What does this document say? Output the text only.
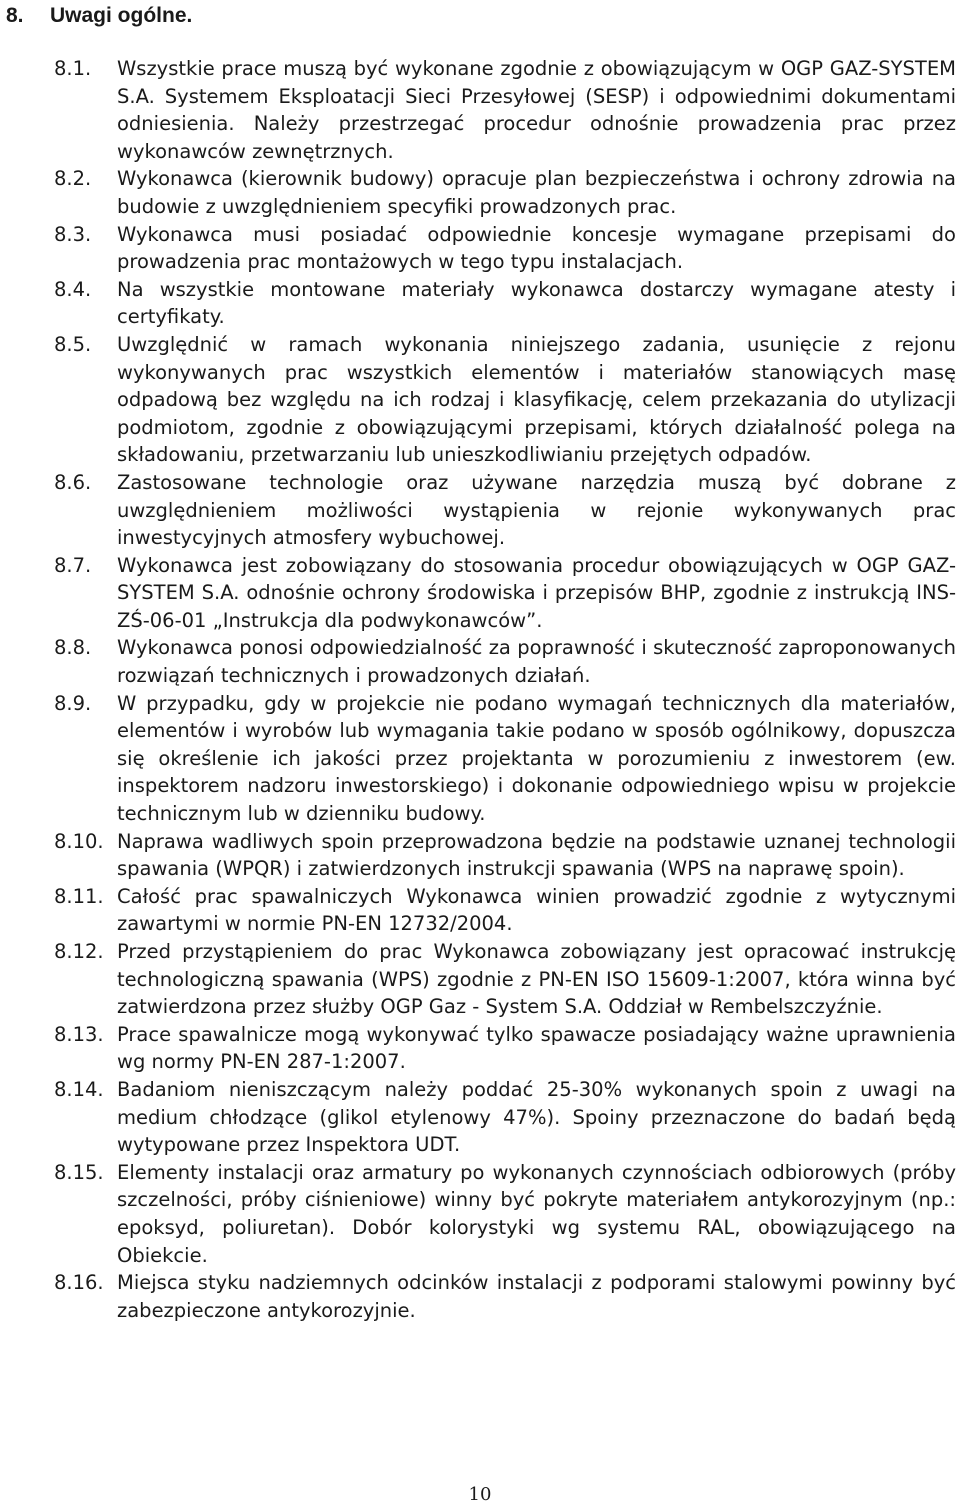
8. Uwagi ogólne.
8.1.	Wszystkie prace muszą być wykonane zgodnie z obowiązującym w OGP GAZ-SYSTEM S.A. Systemem Eksploatacji Sieci Przesyłowej (SESP) i odpowiednimi dokumentami odniesienia. Należy przestrzegać procedur odnośnie prowadzenia prac przez wykonawców zewnętrznych.
8.2.	Wykonawca (kierownik budowy) opracuje plan bezpieczeństwa i ochrony zdrowia na budowie z uwzględnieniem specyfiki prowadzonych prac.
8.3.	Wykonawca musi posiadać odpowiednie koncesje wymagane przepisami do prowadzenia prac montażowych w tego typu instalacjach.
8.4.	Na wszystkie montowane materiały wykonawca dostarczy wymagane atesty i certyfikaty.
8.5.	Uwzględnić w ramach wykonania niniejszego zadania, usunięcie z rejonu wykonywanych prac wszystkich elementów i materiałów stanowiących masę odpadową bez względu na ich rodzaj i klasyfikację, celem przekazania do utylizacji podmiotom, zgodnie z obowiązującymi przepisami, których działalność polega na składowaniu, przetwarzaniu lub unieszkodliwianiu przejętych odpadów.
8.6.	Zastosowane technologie oraz używane narzędzia muszą być dobrane z uwzględnieniem możliwości wystąpienia w rejonie wykonywanych prac inwestycyjnych atmosfery wybuchowej.
8.7.	Wykonawca jest zobowiązany do stosowania procedur obowiązujących w OGP GAZ-SYSTEM S.A. odnośnie ochrony środowiska i przepisów BHP, zgodnie z instrukcją INS-ZŚ-06-01 „Instrukcja dla podwykonawców”.
8.8.	Wykonawca ponosi odpowiedzialność za poprawność i skuteczność zaproponowanych rozwiązań technicznych i prowadzonych działań.
8.9.	W przypadku, gdy w projekcie nie podano wymagań technicznych dla materiałów, elementów i wyrobów lub wymagania takie podano w sposób ogólnikowy, dopuszcza się określenie ich jakości przez projektanta w porozumieniu z inwestorem (ew. inspektorem nadzoru inwestorskiego) i dokonanie odpowiedniego wpisu w projekcie technicznym lub w dzienniku budowy.
8.10. Naprawa wadliwych spoin przeprowadzona będzie na podstawie uznanej technologii spawania (WPQR) i zatwierdzonych instrukcji spawania (WPS na naprawę spoin).
8.11. Całość prac spawalniczych Wykonawca winien prowadzić zgodnie z wytycznymi zawartymi w normie PN-EN 12732/2004.
8.12. Przed przystąpieniem do prac Wykonawca zobowiązany jest opracować instrukcję technologiczną spawania (WPS) zgodnie z PN-EN ISO 15609-1:2007, która winna być zatwierdzona przez służby OGP Gaz - System S.A. Oddział w Rembelszczyźnie.
8.13. Prace spawalnicze mogą wykonywać tylko spawacze posiadający ważne uprawnienia wg normy PN-EN 287-1:2007.
8.14. Badaniom nieniszczącym należy poddać 25-30% wykonanych spoin z uwagi na medium chłodzące (glikol etylenowy 47%). Spoiny przeznaczone do badań będą wytypowane przez Inspektora UDT.
8.15. Elementy instalacji oraz armatury po wykonanych czynnościach odbiorowych (próby szczelności, próby ciśnieniowe) winny być pokryte materiałem antykorozyjnym (np.: epoksyd, poliuretan). Dobór kolorystyki wg systemu RAL, obowiązującego na Obiekcie.
8.16. Miejsca styku nadziemnych odcinków instalacji z podporami stalowymi powinny być zabezpieczone antykorozyjnie.
10
